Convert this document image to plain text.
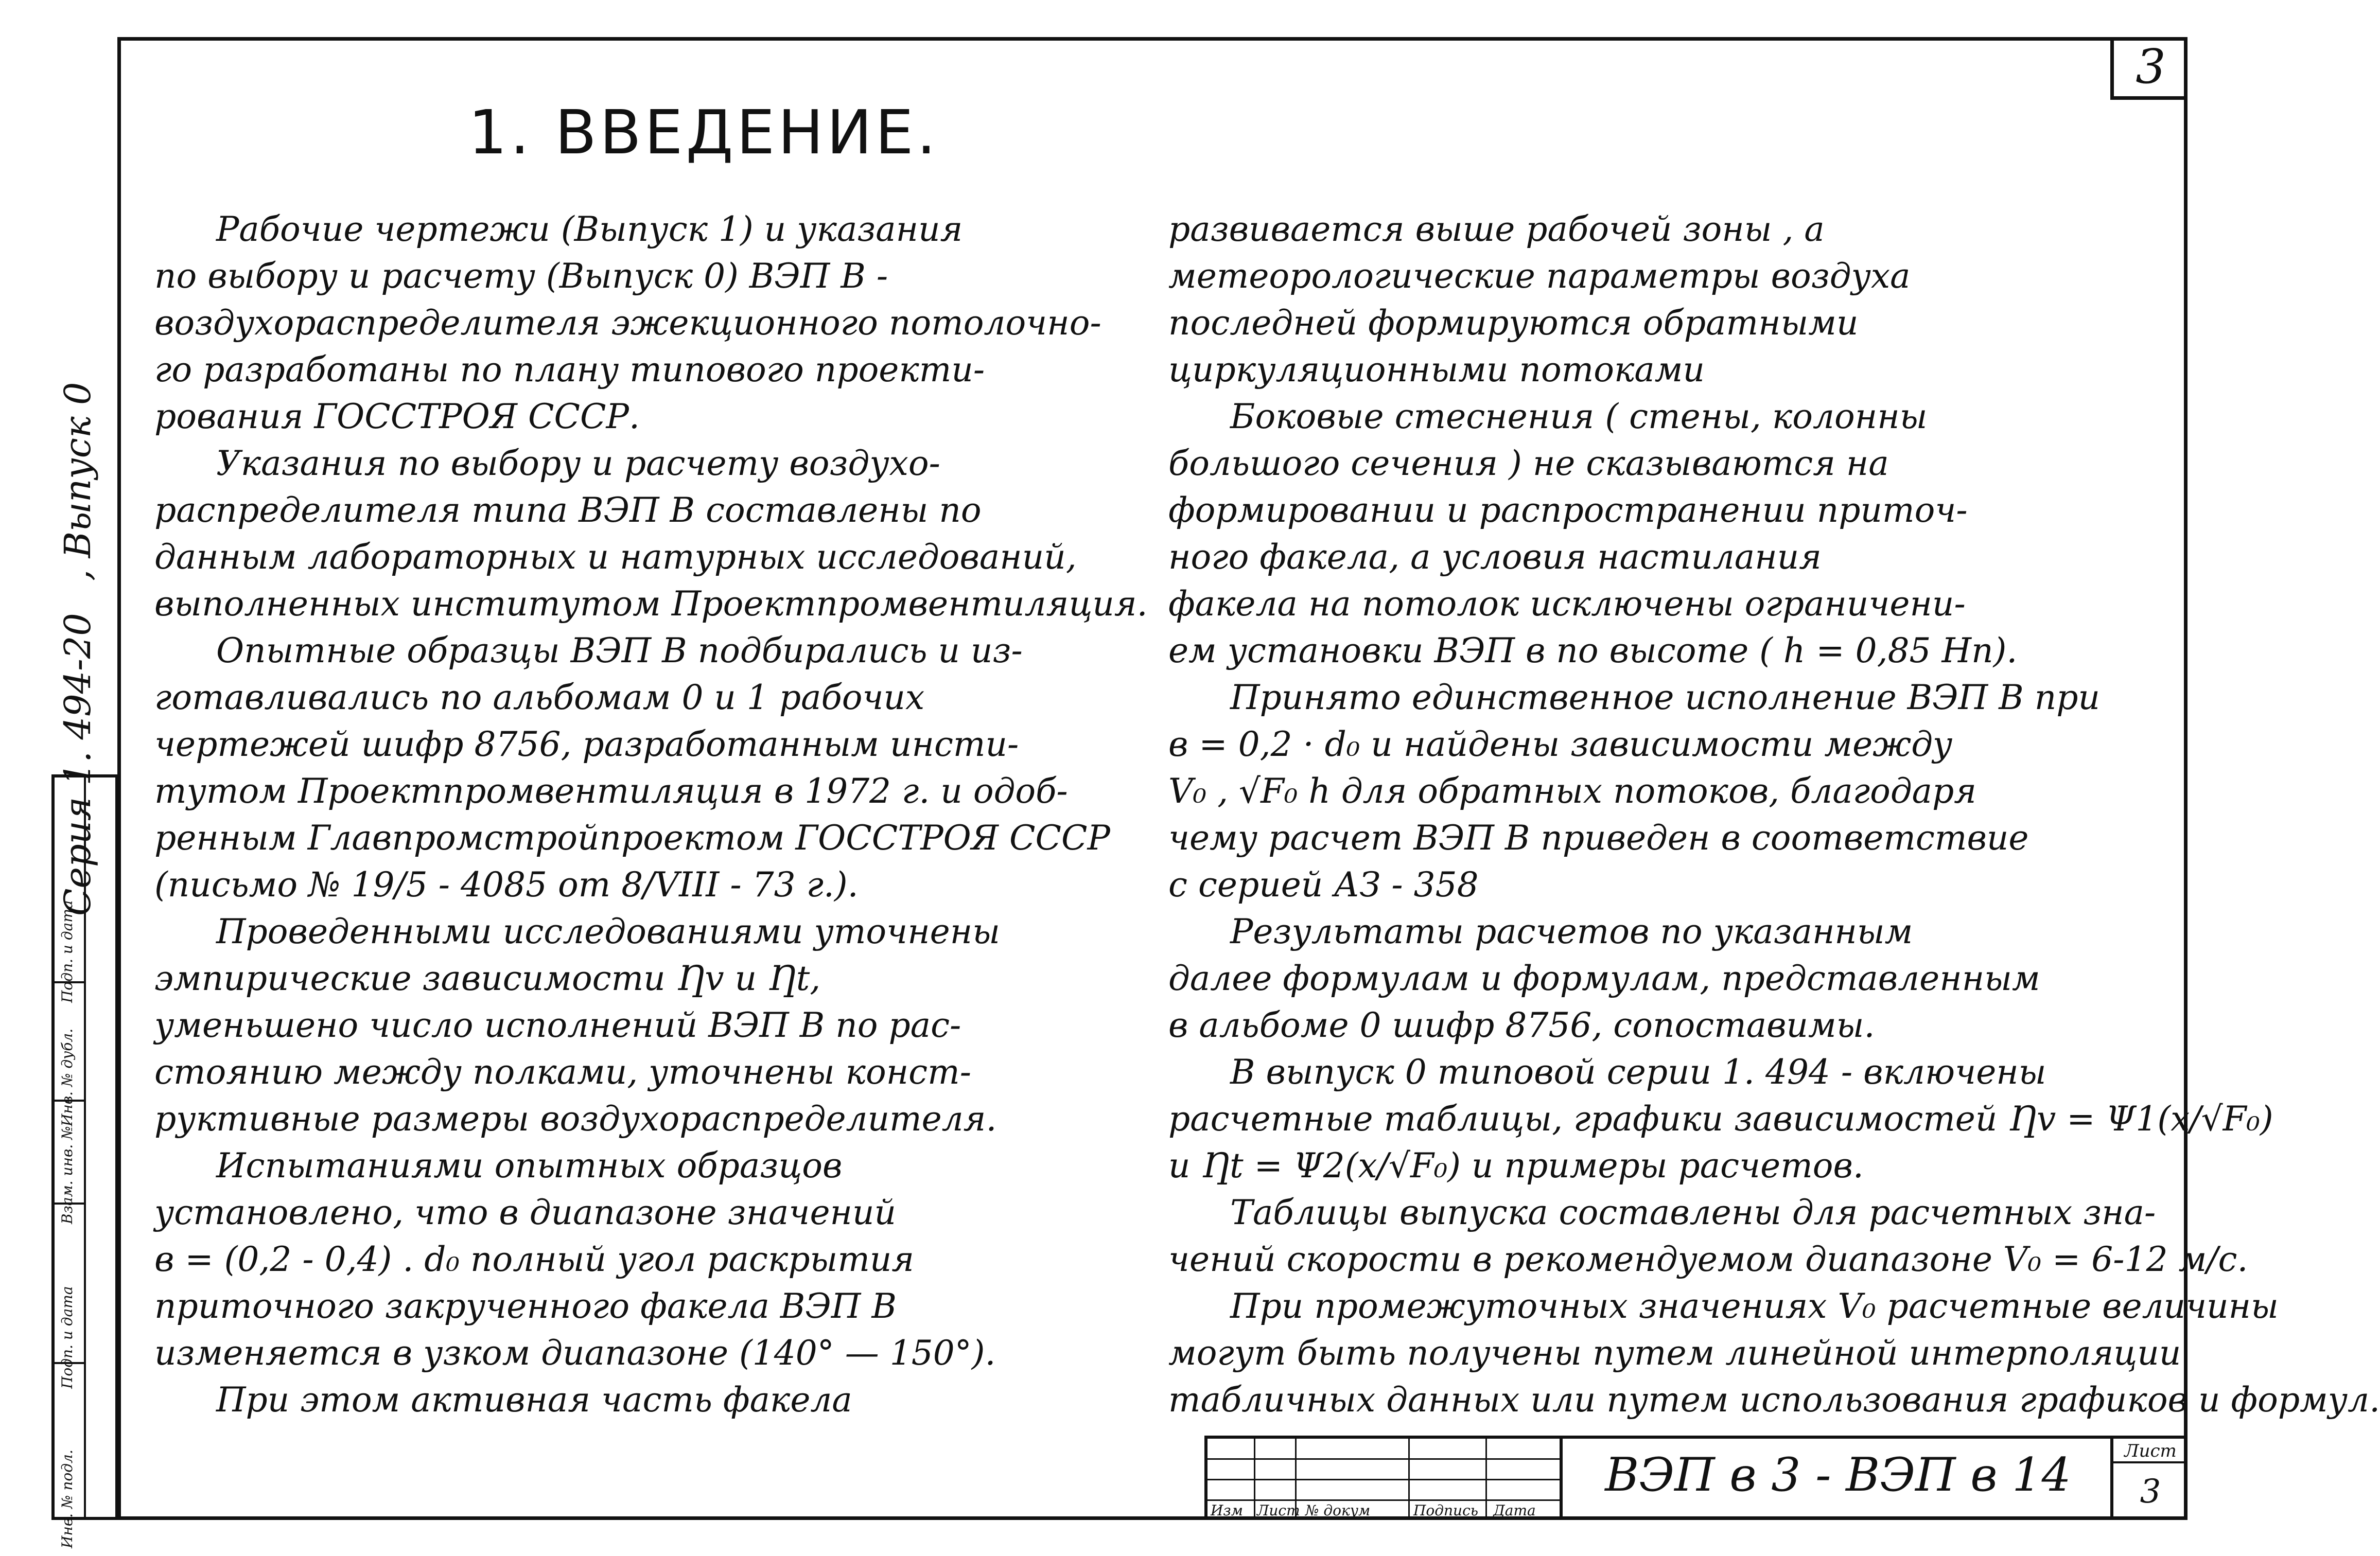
3
Серия 1. 494-20 , Выпуск 0
Подп. и дата
Инв. № дубл.
Взам. инв. №
Подп. и дата
Инв. № подл.
1. ВВЕДЕНИЕ.

Рабочие чертежи (Выпуск 1) и указания

по выбору и расчету (Выпуск 0) ВЭП В -

воздухораспределителя эжекционного потолочно-

го разработаны по плану типового проекти-

рования ГОССТРОЯ СССР.

Указания по выбору и расчету воздухо-

распределителя типа ВЭП В составлены по

данным лабораторных и натурных исследований,

выполненных институтом Проектпромвентиляция.

Опытные образцы ВЭП В подбирались и из-

готавливались по альбомам 0 и 1 рабочих

чертежей шифр 8756, разработанным инсти-

тутом Проектпромвентиляция в 1972 г. и одоб-

ренным Главпромстройпроектом ГОССТРОЯ СССР

(письмо № 19/5 - 4085 от 8/VIII - 73 г.).

Проведенными исследованиями уточнены

эмпирические зависимости Ƞv и Ƞt,

уменьшено число исполнений ВЭП В по рас-

стоянию между полками, уточнены конст-

руктивные размеры воздухораспределителя.

Испытаниями опытных образцов

установлено, что в диапазоне значений

в = (0,2 - 0,4) . d₀ полный угол раскрытия

приточного закрученного факела ВЭП В

изменяется в узком диапазоне (140° — 150°).

При этом активная часть факела

развивается выше рабочей зоны , а

метеорологические параметры воздуха

последней формируются обратными

циркуляционными потоками

Боковые стеснения ( стены, колонны

большого сечения ) не сказываются на

формировании и распространении приточ-

ного факела, а условия настилания

факела на потолок исключены ограничени-

ем установки ВЭП в по высоте ( h = 0,85 Hп).

Принято единственное исполнение ВЭП В при

в = 0,2 · d₀ и найдены зависимости между

V₀ , √F₀ h для обратных потоков, благодаря

чему расчет ВЭП В приведен в соответствие

с серией АЗ - 358

Результаты расчетов по указанным

далее формулам и формулам, представленным

в альбоме 0 шифр 8756, сопоставимы.

В выпуск 0 типовой серии 1. 494 - включены

расчетные таблицы, графики зависимостей Ƞv = Ψ1(x/√F₀)

и Ƞt = Ψ2(x/√F₀) и примеры расчетов.

Таблицы выпуска составлены для расчетных зна-

чений скорости в рекомендуемом диапазоне V₀ = 6-12 м/с.

При промежуточных значениях V₀ расчетные величины

могут быть получены путем линейной интерполяции

табличных данных или путем использования графиков и формул.

Изм Лист № докум	Подпись Дата
ВЭП в 3 - ВЭП в 14	Лист
3
